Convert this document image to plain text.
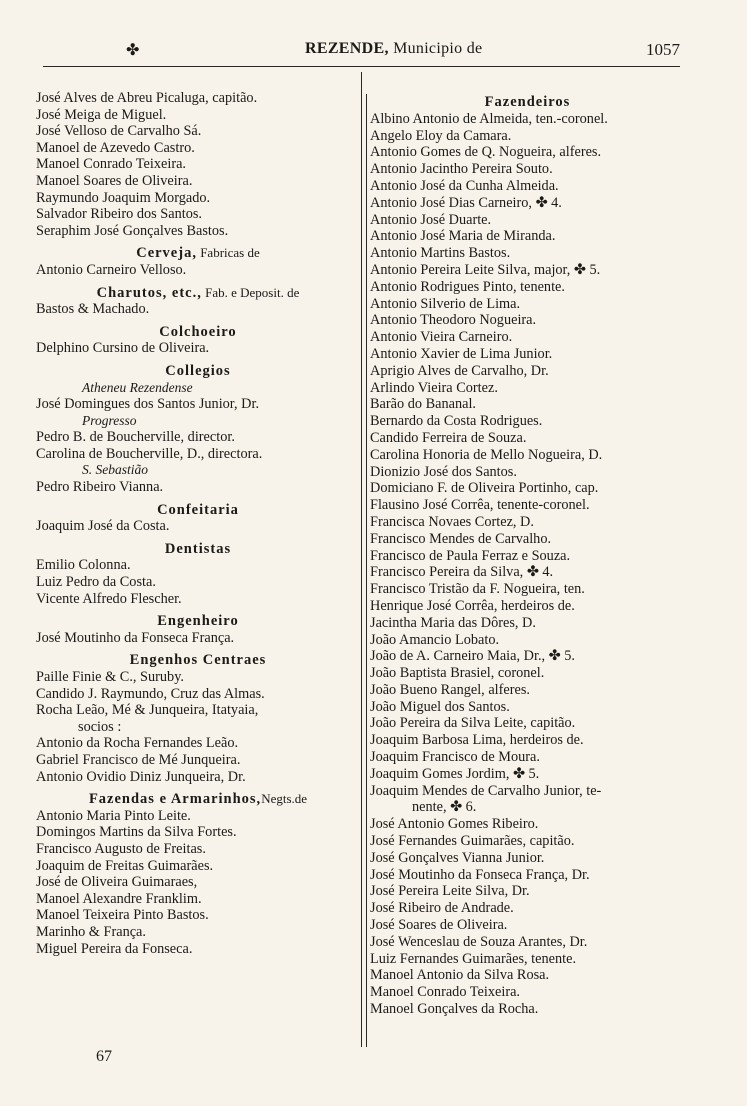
✤	REZENDE, Municipio de	1057
José Alves de Abreu Picaluga, capitão.
José Meiga de Miguel.
José Velloso de Carvalho Sá.
Manoel de Azevedo Castro.
Manoel Conrado Teixeira.
Manoel Soares de Oliveira.
Raymundo Joaquim Morgado.
Salvador Ribeiro dos Santos.
Seraphim José Gonçalves Bastos.
Cerveja, Fabricas de
Antonio Carneiro Velloso.
Charutos, etc., Fab. e Deposit. de
Bastos & Machado.
Colchoeiro
Delphino Cursino de Oliveira.
Collegios
Atheneu Rezendense
José Domingues dos Santos Junior, Dr.
Progresso
Pedro B. de Boucherville, director.
Carolina de Boucherville, D., directora.
S. Sebastião
Pedro Ribeiro Vianna.
Confeitaria
Joaquim José da Costa.
Dentistas
Emilio Colonna.
Luiz Pedro da Costa.
Vicente Alfredo Flescher.
Engenheiro
José Moutinho da Fonseca França.
Engenhos Centraes
Paille Finie & C., Suruby.
Candido J. Raymundo, Cruz das Almas.
Rocha Leão, Mé & Junqueira, Itatyaia,
socios :
Antonio da Rocha Fernandes Leão.
Gabriel Francisco de Mé Junqueira.
Antonio Ovidio Diniz Junqueira, Dr.
Fazendas e Armarinhos,Negts.de
Antonio Maria Pinto Leite.
Domingos Martins da Silva Fortes.
Francisco Augusto de Freitas.
Joaquim de Freitas Guimarães.
José de Oliveira Guimaraes,
Manoel Alexandre Franklim.
Manoel Teixeira Pinto Bastos.
Marinho & França.
Miguel Pereira da Fonseca.
Fazendeiros
Albino Antonio de Almeida, ten.-coronel.
Angelo Eloy da Camara.
Antonio Gomes de Q. Nogueira, alferes.
Antonio Jacintho Pereira Souto.
Antonio José da Cunha Almeida.
Antonio José Dias Carneiro, ✤ 4.
Antonio José Duarte.
Antonio José Maria de Miranda.
Antonio Martins Bastos.
Antonio Pereira Leite Silva, major, ✤ 5.
Antonio Rodrigues Pinto, tenente.
Antonio Silverio de Lima.
Antonio Theodoro Nogueira.
Antonio Vieira Carneiro.
Antonio Xavier de Lima Junior.
Aprigio Alves de Carvalho, Dr.
Arlindo Vieira Cortez.
Barão do Bananal.
Bernardo da Costa Rodrigues.
Candido Ferreira de Souza.
Carolina Honoria de Mello Nogueira, D.
Dionizio José dos Santos.
Domiciano F. de Oliveira Portinho, cap.
Flausino José Corrêa, tenente-coronel.
Francisca Novaes Cortez, D.
Francisco Mendes de Carvalho.
Francisco de Paula Ferraz e Souza.
Francisco Pereira da Silva, ✤ 4.
Francisco Tristão da F. Nogueira, ten.
Henrique José Corrêa, herdeiros de.
Jacintha Maria das Dôres, D.
João Amancio Lobato.
João de A. Carneiro Maia, Dr., ✤ 5.
João Baptista Brasiel, coronel.
João Bueno Rangel, alferes.
João Miguel dos Santos.
João Pereira da Silva Leite, capitão.
Joaquim Barbosa Lima, herdeiros de.
Joaquim Francisco de Moura.
Joaquim Gomes Jordim, ✤ 5.
Joaquim Mendes de Carvalho Junior, te-
nente, ✤ 6.
José Antonio Gomes Ribeiro.
José Fernandes Guimarães, capitão.
José Gonçalves Vianna Junior.
José Moutinho da Fonseca França, Dr.
José Pereira Leite Silva, Dr.
José Ribeiro de Andrade.
José Soares de Oliveira.
José Wenceslau de Souza Arantes, Dr.
Luiz Fernandes Guimarães, tenente.
Manoel Antonio da Silva Rosa.
Manoel Conrado Teixeira.
Manoel Gonçalves da Rocha.
67
